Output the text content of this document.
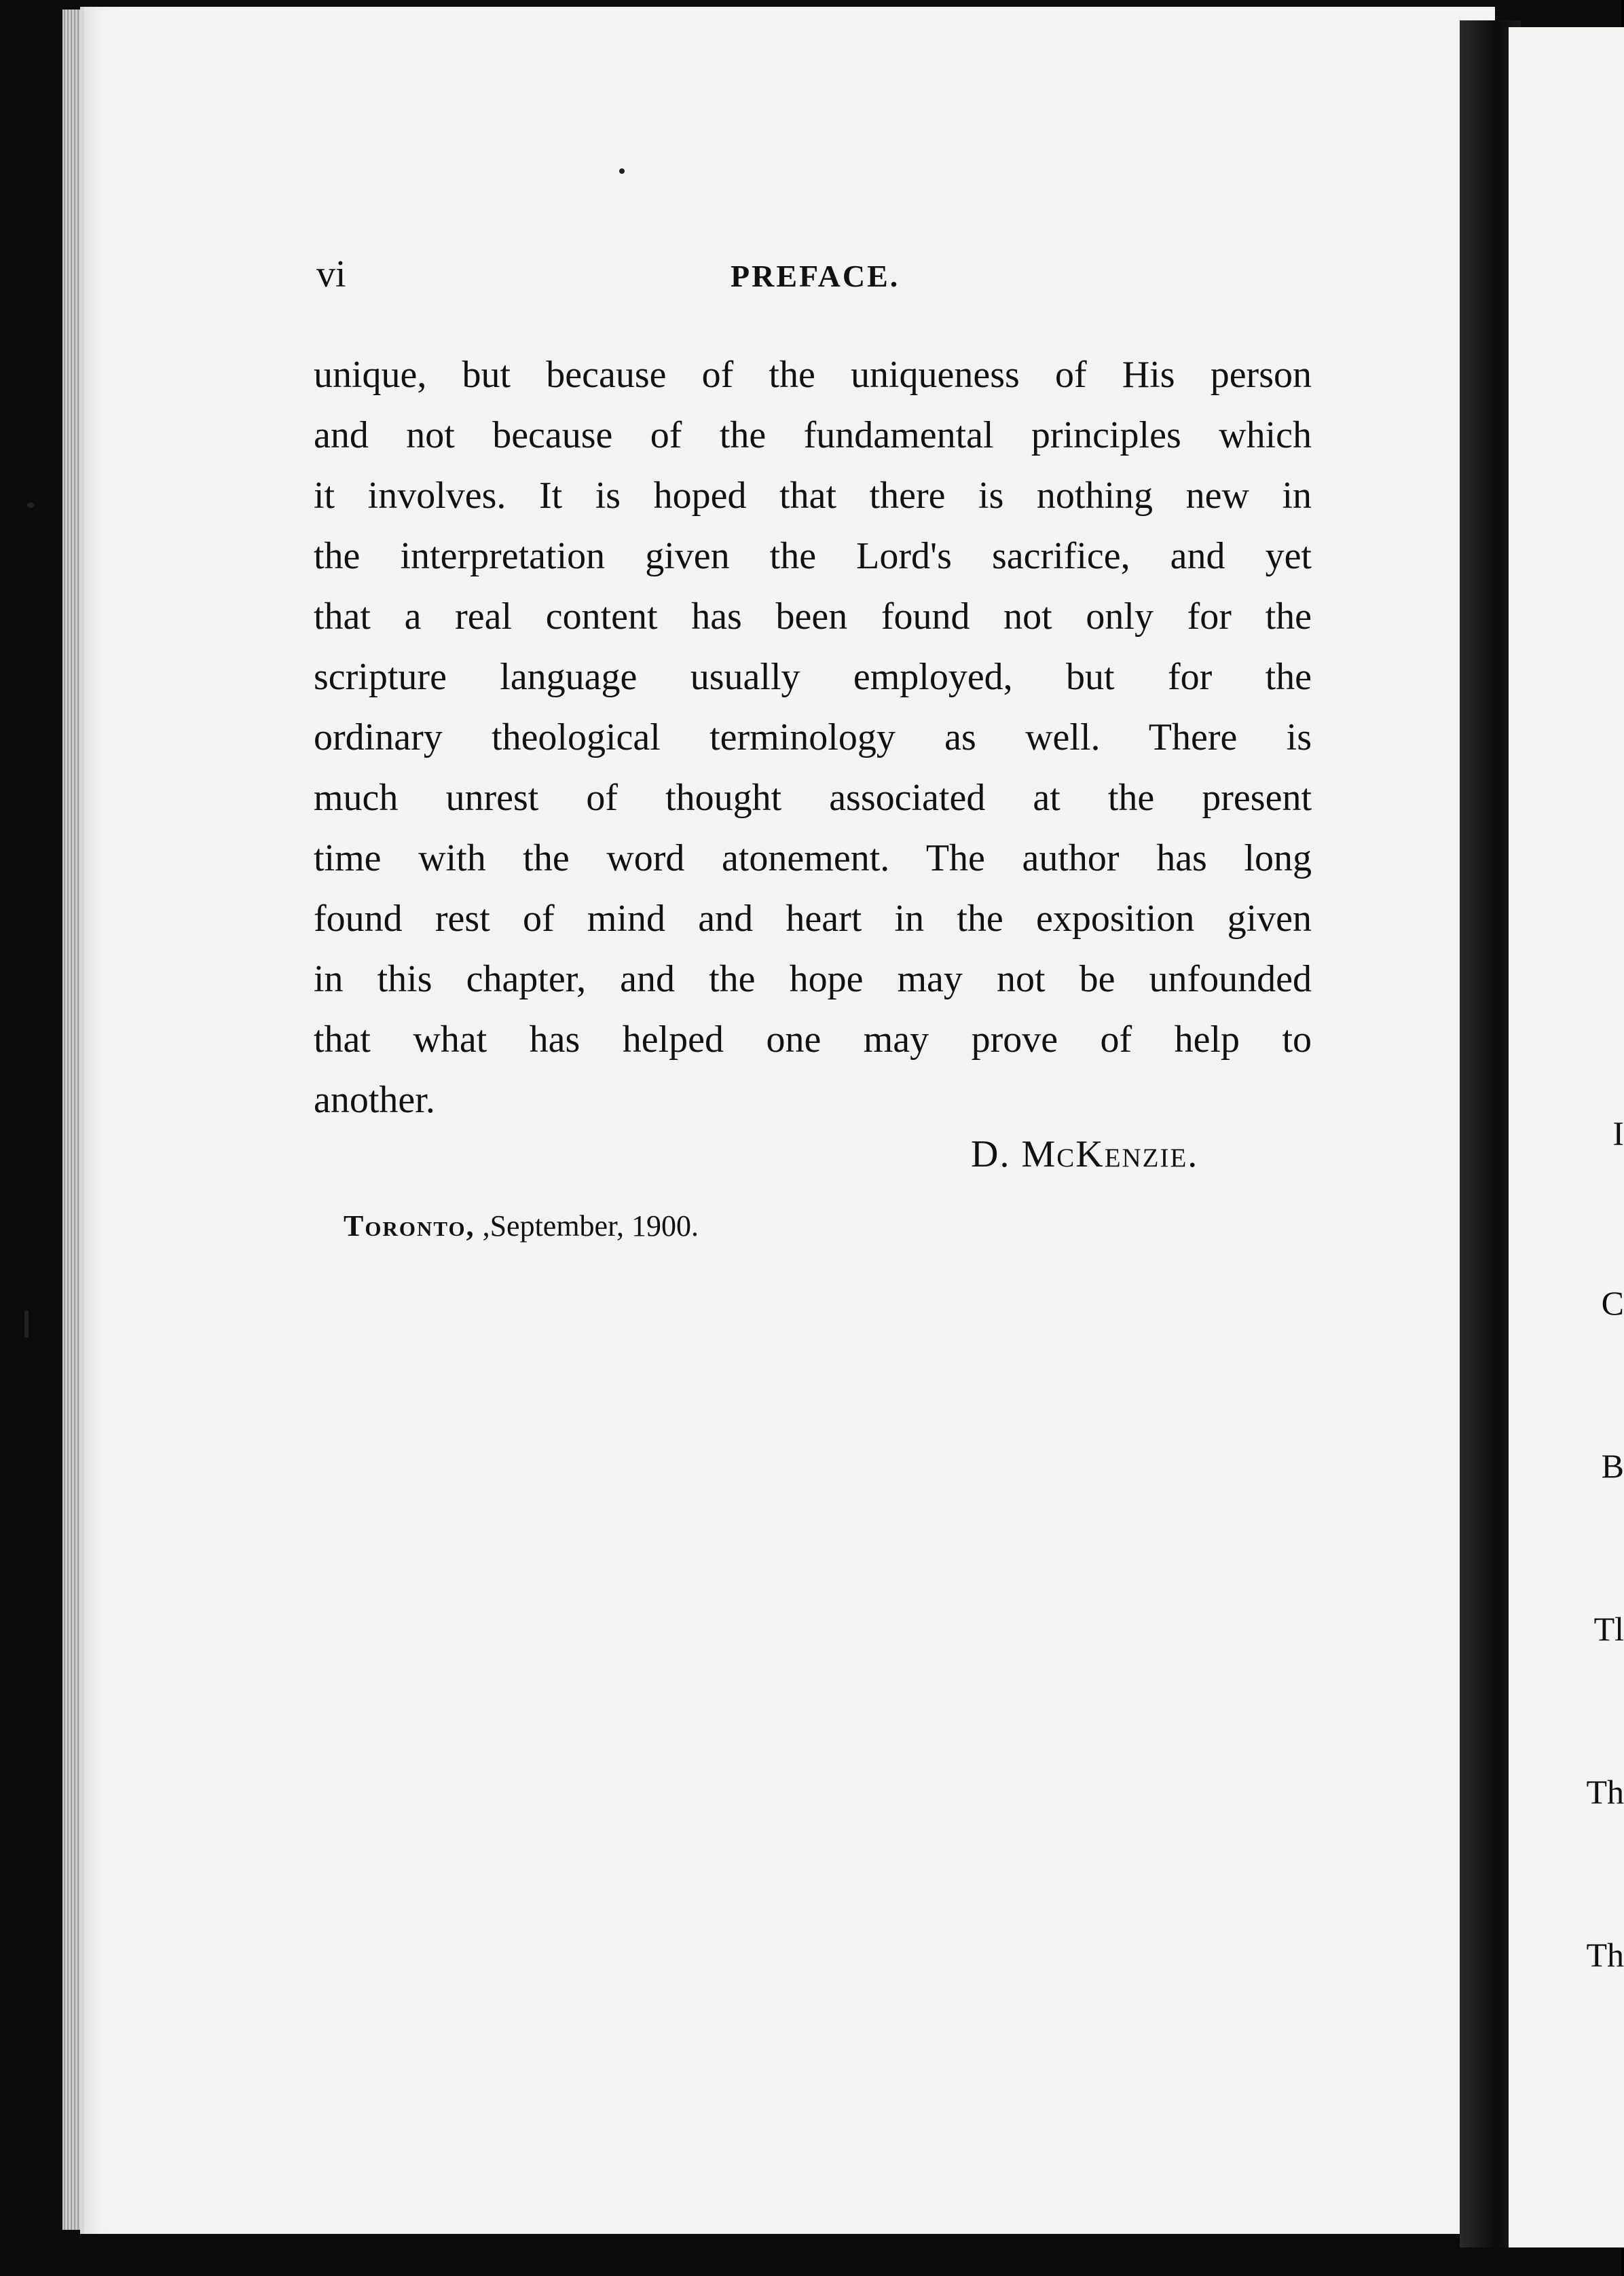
I
C
B
Tl
Th
Th
vi	PREFACE.
unique, but because of the uniqueness of His person
and not because of the fundamental principles which
it involves. It is hoped that there is nothing new in
the interpretation given the Lord's sacrifice, and yet
that a real content has been found not only for the
scripture language usually employed, but for the
ordinary theological terminology as well. There is
much unrest of thought associated at the present
time with the word atonement. The author has long
found rest of mind and heart in the exposition given
in this chapter, and the hope may not be unfounded
that what has helped one may prove of help to
another.
D. McKenzie.
Toronto, ,September, 1900.
